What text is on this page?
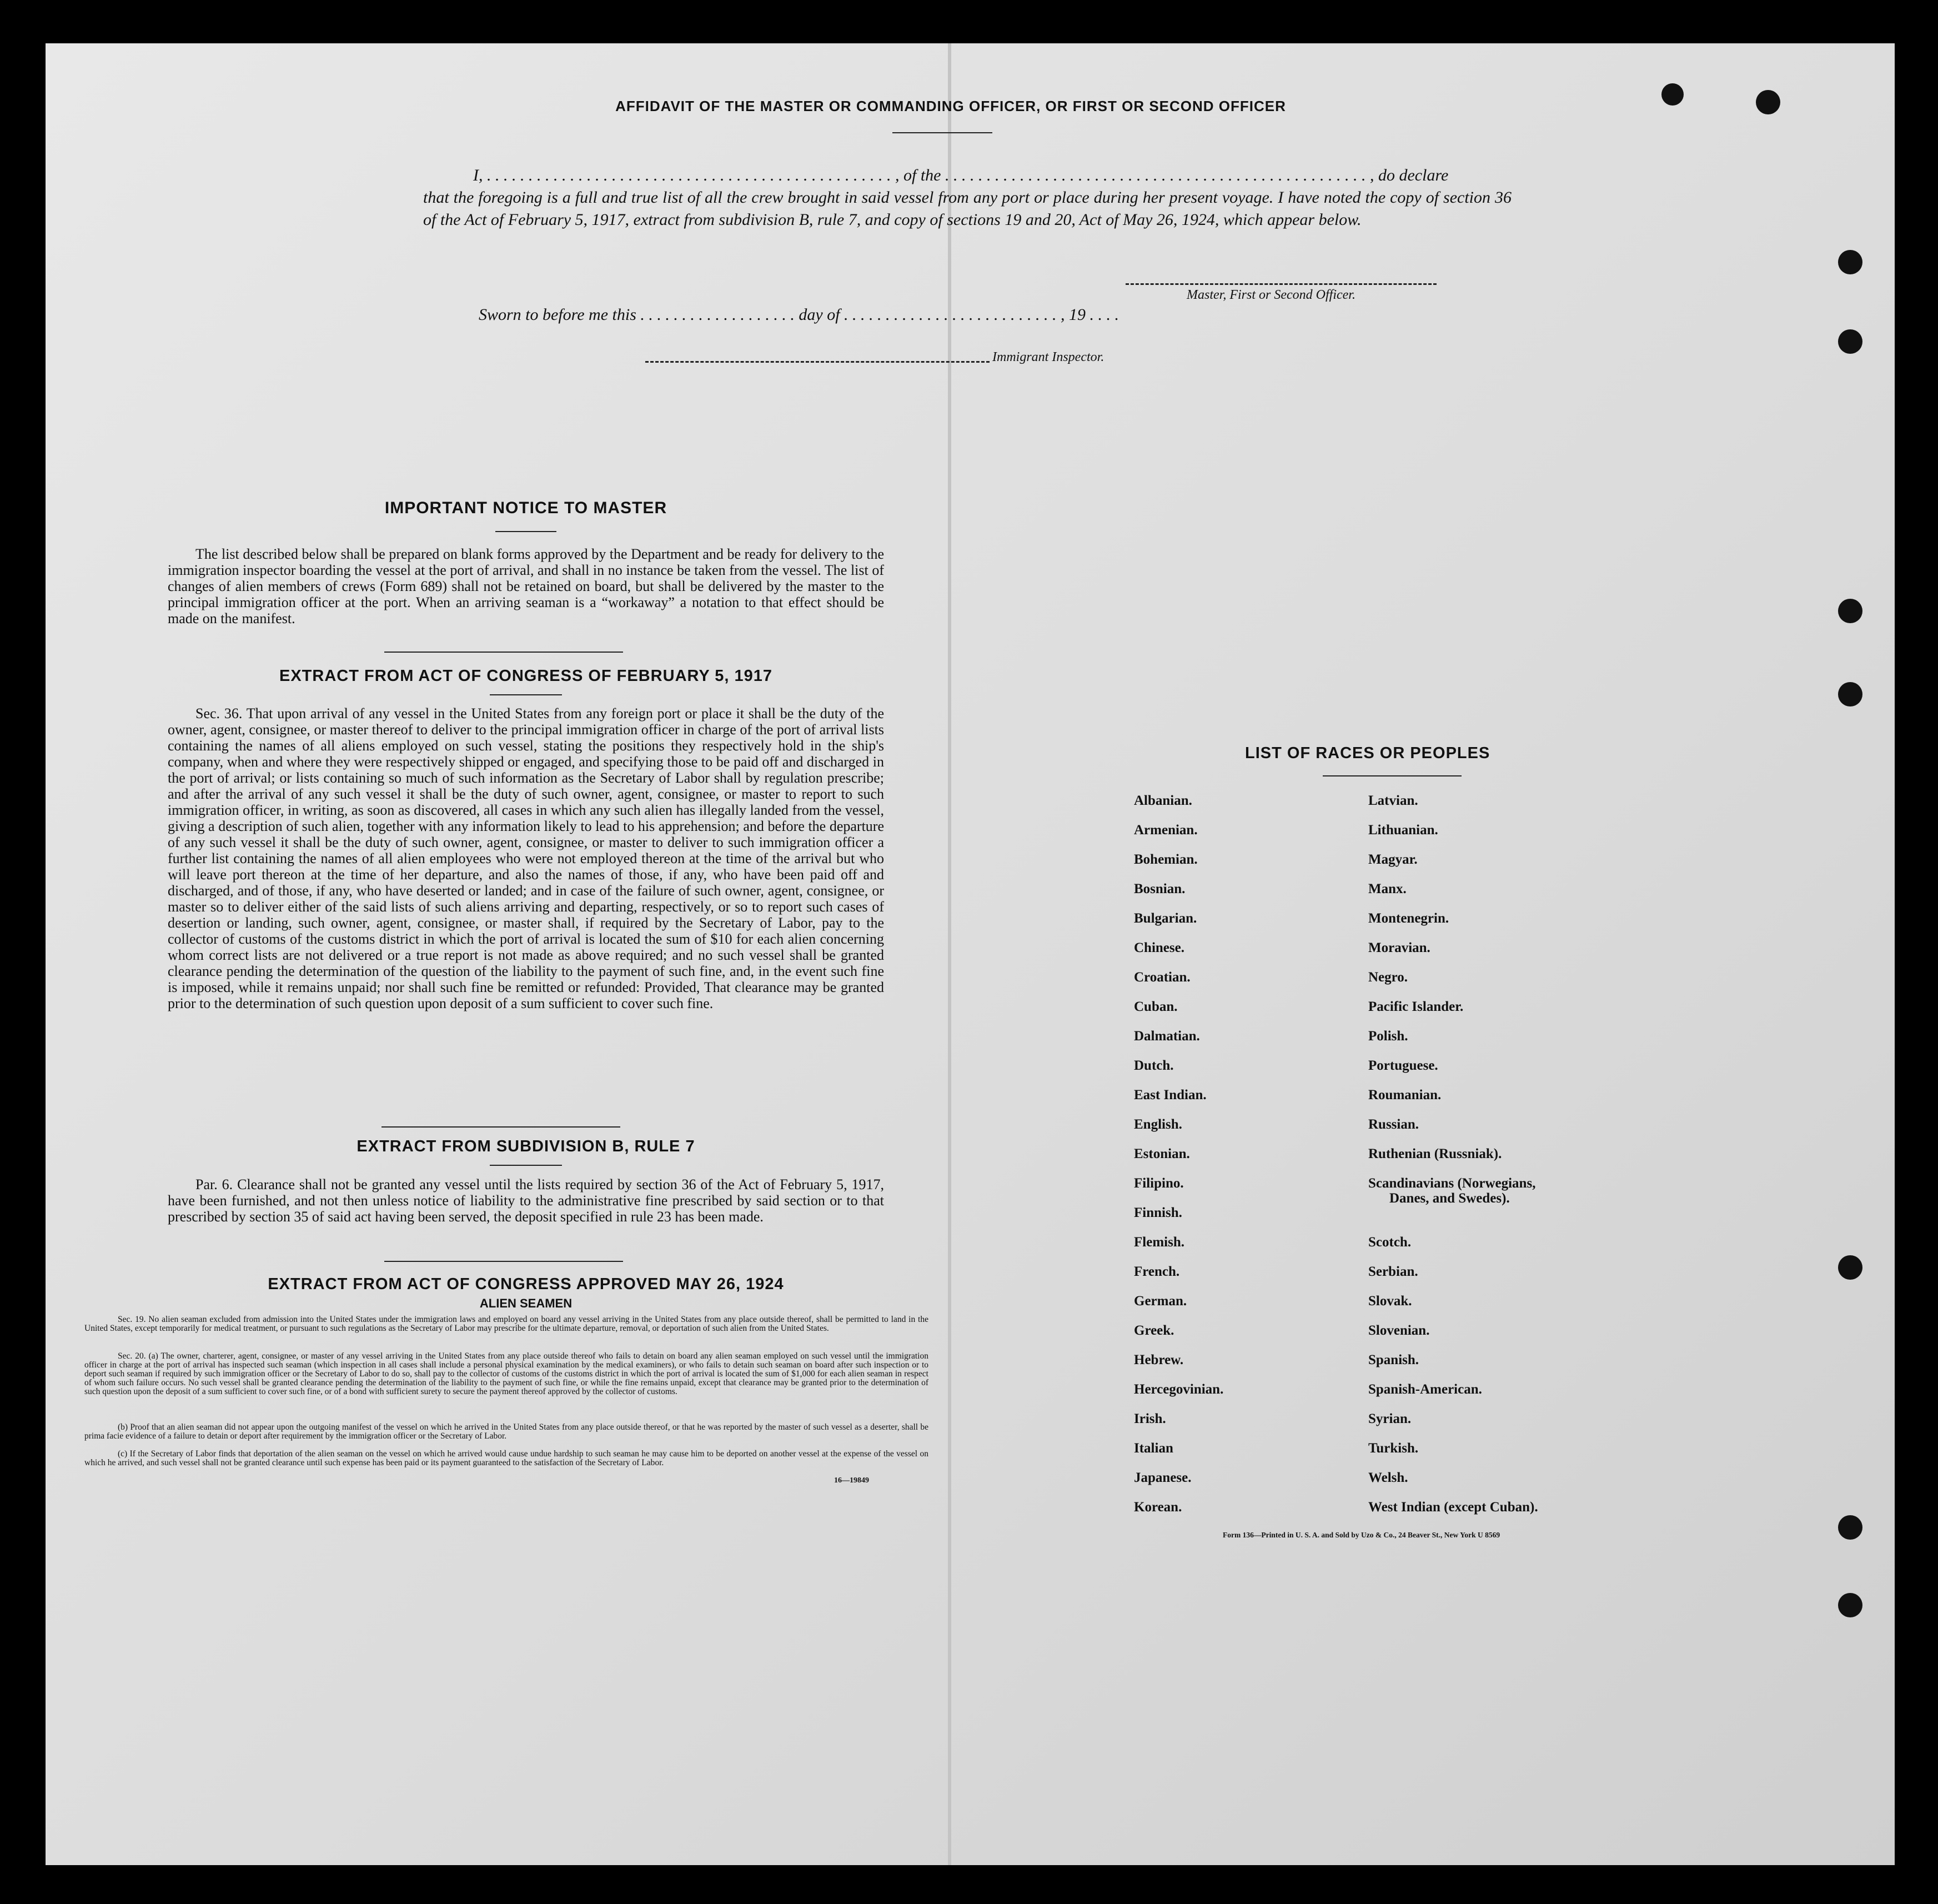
AFFIDAVIT OF THE MASTER OR COMMANDING OFFICER, OR FIRST OR SECOND OFFICER
I, . . . . . . . . . . . . . . . . . . . . . . . . . . . . . . . . . . . . . . . . . . . . . . . . . , of the . . . . . . . . . . . . . . . . . . . . . . . . . . . . . . . . . . . . . . . . . . . . . . . . . . . , do declare
that the foregoing is a full and true list of all the crew brought in said vessel from any port or place during her present voyage. I have noted the copy of section 36 of the Act of February 5, 1917, extract from subdivision B, rule 7, and copy of sections 19 and 20, Act of May 26, 1924, which appear below.
Master, First or Second Officer.
Sworn to before me this . . . . . . . . . . . . . . . . . . . day of . . . . . . . . . . . . . . . . . . . . . . . . . . , 19 . . . .
Immigrant Inspector.
IMPORTANT NOTICE TO MASTER
The list described below shall be prepared on blank forms approved by the Department and be ready for delivery to the immigration inspector boarding the vessel at the port of arrival, and shall in no instance be taken from the vessel. The list of changes of alien members of crews (Form 689) shall not be retained on board, but shall be delivered by the master to the principal immigration officer at the port. When an arriving seaman is a “workaway” a notation to that effect should be made on the manifest.
EXTRACT FROM ACT OF CONGRESS OF FEBRUARY 5, 1917
Sec. 36. That upon arrival of any vessel in the United States from any foreign port or place it shall be the duty of the owner, agent, consignee, or master thereof to deliver to the principal immigration officer in charge of the port of arrival lists containing the names of all aliens employed on such vessel, stating the positions they respectively hold in the ship's company, when and where they were respectively shipped or engaged, and specifying those to be paid off and discharged in the port of arrival; or lists containing so much of such information as the Secretary of Labor shall by regulation prescribe; and after the arrival of any such vessel it shall be the duty of such owner, agent, consignee, or master to report to such immigration officer, in writing, as soon as discovered, all cases in which any such alien has illegally landed from the vessel, giving a description of such alien, together with any information likely to lead to his apprehension; and before the departure of any such vessel it shall be the duty of such owner, agent, consignee, or master to deliver to such immigration officer a further list containing the names of all alien employees who were not employed thereon at the time of the arrival but who will leave port thereon at the time of her departure, and also the names of those, if any, who have been paid off and discharged, and of those, if any, who have deserted or landed; and in case of the failure of such owner, agent, consignee, or master so to deliver either of the said lists of such aliens arriving and departing, respectively, or so to report such cases of desertion or landing, such owner, agent, consignee, or master shall, if required by the Secretary of Labor, pay to the collector of customs of the customs district in which the port of arrival is located the sum of $10 for each alien concerning whom correct lists are not delivered or a true report is not made as above required; and no such vessel shall be granted clearance pending the determination of the question of the liability to the payment of such fine, and, in the event such fine is imposed, while it remains unpaid; nor shall such fine be remitted or refunded: Provided, That clearance may be granted prior to the determination of such question upon deposit of a sum sufficient to cover such fine.
EXTRACT FROM SUBDIVISION B, RULE 7
Par. 6. Clearance shall not be granted any vessel until the lists required by section 36 of the Act of February 5, 1917, have been furnished, and not then unless notice of liability to the administrative fine prescribed by said section or to that prescribed by section 35 of said act having been served, the deposit specified in rule 23 has been made.
EXTRACT FROM ACT OF CONGRESS APPROVED MAY 26, 1924
ALIEN SEAMEN
Sec. 19. No alien seaman excluded from admission into the United States under the immigration laws and employed on board any vessel arriving in the United States from any place outside thereof, shall be permitted to land in the United States, except temporarily for medical treatment, or pursuant to such regulations as the Secretary of Labor may prescribe for the ultimate departure, removal, or deportation of such alien from the United States.
Sec. 20. (a) The owner, charterer, agent, consignee, or master of any vessel arriving in the United States from any place outside thereof who fails to detain on board any alien seaman employed on such vessel until the immigration officer in charge at the port of arrival has inspected such seaman (which inspection in all cases shall include a personal physical examination by the medical examiners), or who fails to detain such seaman on board after such inspection or to deport such seaman if required by such immigration officer or the Secretary of Labor to do so, shall pay to the collector of customs of the customs district in which the port of arrival is located the sum of $1,000 for each alien seaman in respect of whom such failure occurs. No such vessel shall be granted clearance pending the determination of the liability to the payment of such fine, or while the fine remains unpaid, except that clearance may be granted prior to the determination of such question upon the deposit of a sum sufficient to cover such fine, or of a bond with sufficient surety to secure the payment thereof approved by the collector of customs.
(b) Proof that an alien seaman did not appear upon the outgoing manifest of the vessel on which he arrived in the United States from any place outside thereof, or that he was reported by the master of such vessel as a deserter, shall be prima facie evidence of a failure to detain or deport after requirement by the immigration officer or the Secretary of Labor.
(c) If the Secretary of Labor finds that deportation of the alien seaman on the vessel on which he arrived would cause undue hardship to such seaman he may cause him to be deported on another vessel at the expense of the vessel on which he arrived, and such vessel shall not be granted clearance until such expense has been paid or its payment guaranteed to the satisfaction of the Secretary of Labor.
16—19849
LIST OF RACES OR PEOPLES
Albanian.
Armenian.
Bohemian.
Bosnian.
Bulgarian.
Chinese.
Croatian.
Cuban.
Dalmatian.
Dutch.
East Indian.
English.
Estonian.
Filipino.
Finnish.
Flemish.
French.
German.
Greek.
Hebrew.
Hercegovinian.
Irish.
Italian
Japanese.
Korean.
Latvian.
Lithuanian.
Magyar.
Manx.
Montenegrin.
Moravian.
Negro.
Pacific Islander.
Polish.
Portuguese.
Roumanian.
Russian.
Ruthenian (Russniak).
Scandinavians (Norwegians,
Danes, and Swedes).
Scotch.
Serbian.
Slovak.
Slovenian.
Spanish.
Spanish-American.
Syrian.
Turkish.
Welsh.
West Indian (except Cuban).
Form 136—Printed in U. S. A. and Sold by Uzo & Co., 24 Beaver St., New York U 8569
